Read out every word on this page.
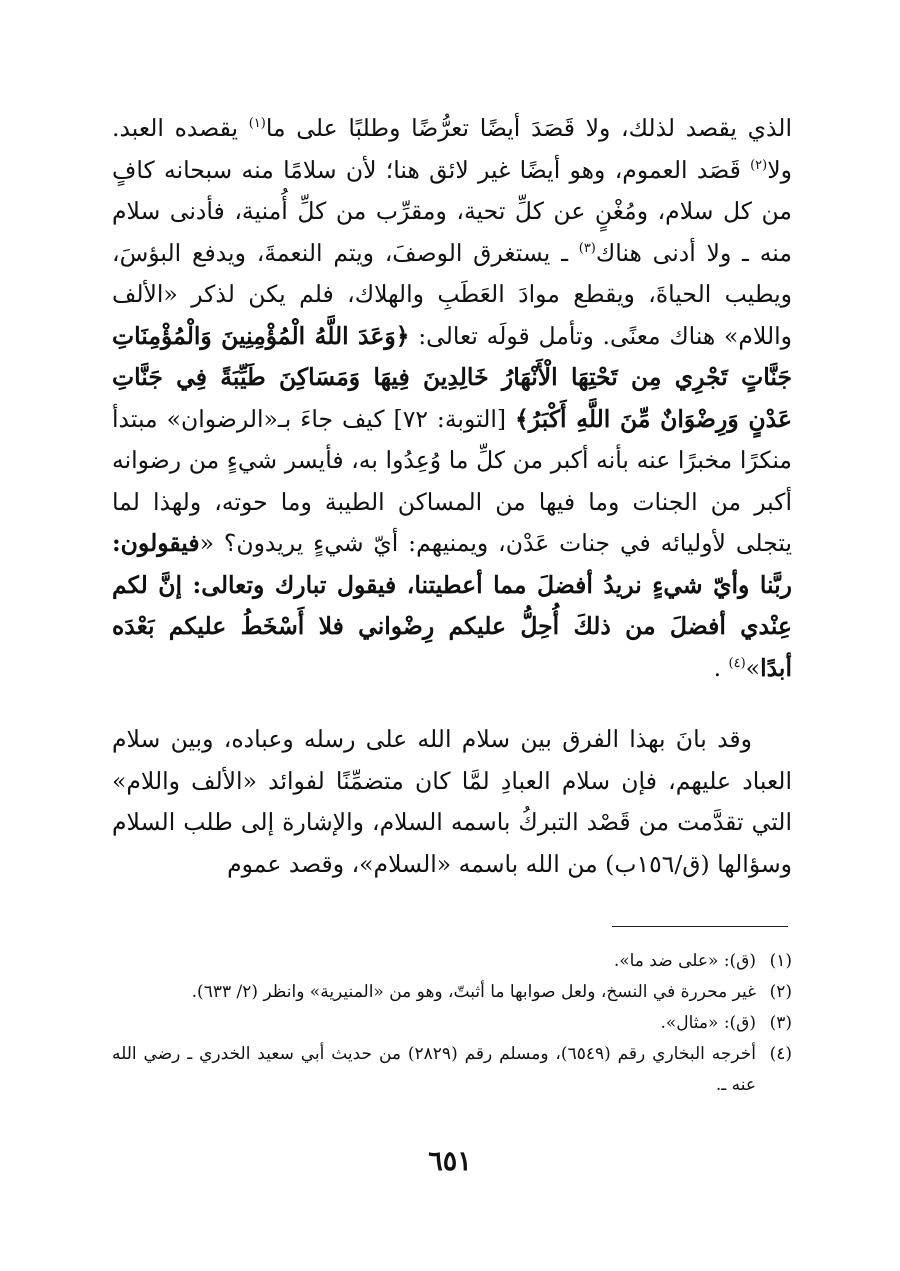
الذي يقصد لذلك، ولا قَصَدَ أيضًا تعرُّضًا وطلبًا على ما$^{(١)}$ يقصده العبد. ولا$^{(٢)}$ قَصَد العموم، وهو أيضًا غير لائق هنا؛ لأن سلامًا منه سبحانه كافٍ من كل سلام، ومُغْنٍ عن كلِّ تحية، ومقرِّب من كلِّ أُمنية، فأدنى سلام منه ـ ولا أدنى هناك$^{(٣)}$ ـ يستغرق الوصفَ، ويتم النعمةَ، ويدفع البؤسَ، ويطيب الحياةَ، ويقطع موادَ العَطَبِ والهلاك، فلم يكن لذكر «الألف واللام» هناك معنًى. وتأمل قولَه تعالى: ﴿وَعَدَ اللَّهُ الْمُؤْمِنِينَ وَالْمُؤْمِنَاتِ جَنَّاتٍ تَجْرِي مِن تَحْتِهَا الْأَنْهَارُ خَالِدِينَ فِيهَا وَمَسَاكِنَ طَيِّبَةً فِي جَنَّاتِ عَدْنٍ وَرِضْوَانٌ مِّنَ اللَّهِ أَكْبَرُ﴾ [التوبة: ٧٢] كيف جاءَ بـ«الرضوان» مبتدأ منكرًا مخبرًا عنه بأنه أكبر من كلِّ ما وُعِدُوا به، فأيسر شيءٍ من رضوانه أكبر من الجنات وما فيها من المساكن الطيبة وما حوته، ولهذا لما يتجلى لأوليائه في جنات عَدْن، ويمنيهم: أيّ شيءٍ يريدون؟ «فيقولون: ربَّنا وأيّ شيءٍ نريدُ أفضلَ مما أعطيتنا، فيقول تبارك وتعالى: إنَّ لكم عِنْدي أفضلَ من ذلكَ أُحِلُّ عليكم رِضْواني فلا أَسْخَطُ عليكم بَعْدَه أبدًا»$^{(٤)}$ .

وقد بانَ بهذا الفرق بين سلام الله على رسله وعباده، وبين سلام العباد عليهم، فإن سلام العبادِ لمَّا كان متضمِّنًا لفوائد «الألف واللام» التي تقدَّمت من قَصْد التبركُ باسمه السلام، والإشارة إلى طلب السلام وسؤالها (ق/١٥٦ب) من الله باسمه «السلام»، وقصد عموم

(١)
(ق): «على ضد ما».
(٢)
غير محررة في النسخ، ولعل صوابها ما أثبتّ، وهو من «المنيرية» وانظر (٢/ ٦٣٣).
(٣)
(ق): «مثال».
(٤)
أخرجه البخاري رقم (٦٥٤٩)، ومسلم رقم (٢٨٢٩) من حديث أبي سعيد الخدري ـ رضي الله عنه ـ.
٦٥١
